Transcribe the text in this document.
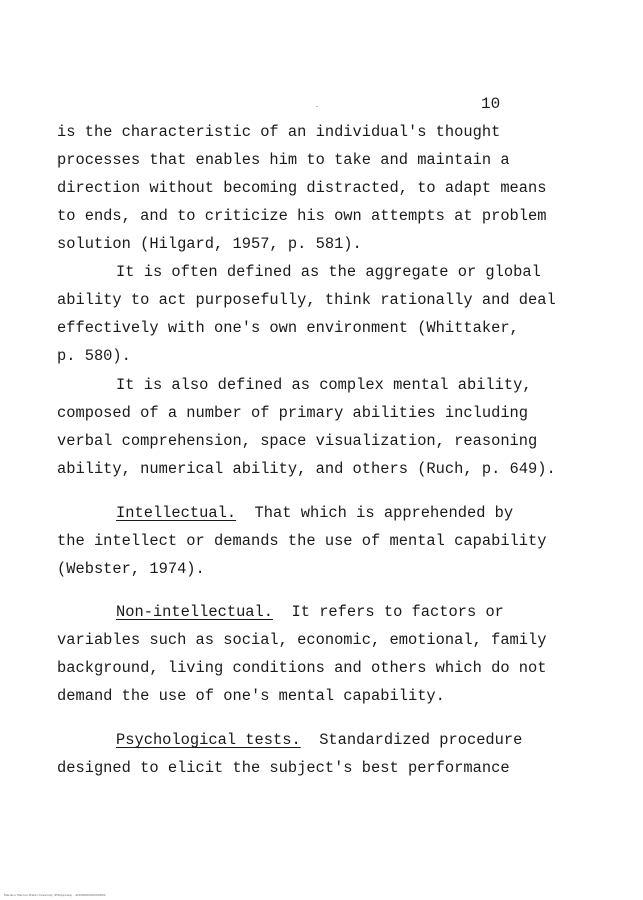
10
is the characteristic of an individual's thought
processes that enables him to take and maintain a
direction without becoming distracted, to adapt means
to ends, and to criticize his own attempts at problem
solution (Hilgard, 1957, p. 581).
It is often defined as the aggregate or global
ability to act purposefully, think rationally and deal
effectively with one's own environment (Whittaker,
p. 580).
It is also defined as complex mental ability,
composed of a number of primary abilities including
verbal comprehension, space visualization, reasoning
ability, numerical ability, and others (Ruch, p. 649).
Intellectual.  That which is apprehended by
the intellect or demands the use of mental capability
(Webster, 1974).
Non-intellectual.  It refers to factors or
variables such as social, economic, emotional, family
background, living conditions and others which do not
demand the use of one's mental capability.
Psychological tests.  Standardized procedure
designed to elicit the subject's best performance
Mariano Marcos State University (Philippines) · 4290000000000000
